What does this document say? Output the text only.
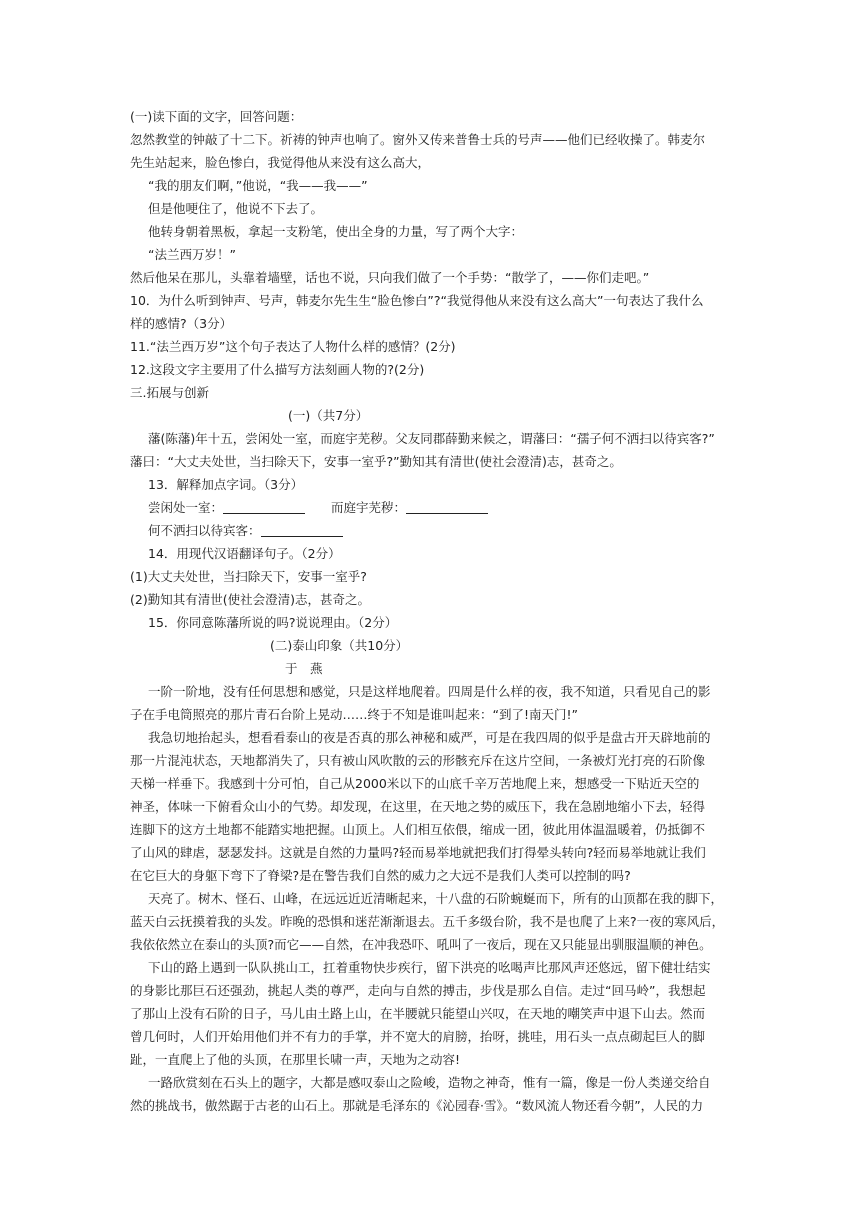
(一)读下面的文字，回答问题：
忽然教堂的钟敲了十二下。祈祷的钟声也响了。窗外又传来普鲁士兵的号声——他们已经收操了。韩麦尔
先生站起来，脸色惨白，我觉得他从来没有这么高大，
“我的朋友们啊，”他说，“我——我——”
但是他哽住了，他说不下去了。
他转身朝着黑板，拿起一支粉笔，使出全身的力量，写了两个大字：
“法兰西万岁！”
然后他呆在那儿，头靠着墙壁，话也不说，只向我们做了一个手势：“散学了，——你们走吧。”
10．为什么听到钟声、号声，韩麦尔先生生“脸色惨白”?“我觉得他从来没有这么高大”一句表达了我什么
样的感情?（3分）
11.“法兰西万岁”这个句子表达了人物什么样的感情？(2分)
12.这段文字主要用了什么描写方法刻画人物的?(2分)
三.拓展与创新
(一)（共7分）
藩(陈藩)年十五，尝闲处一室，而庭宇芜秽。父友同郡薛勤来候之，谓藩曰：“孺子何不洒扫以待宾客?”
藩曰：“大丈夫处世，当扫除天下，安事一室乎?”勤知其有清世(使社会澄清)志，甚奇之。
13．解释加点字词。（3分）
尝闲处一室：	而庭宇芜秽：
何不洒扫以待宾客：
14．用现代汉语翻译句子。（2分）
(1)大丈夫处世，当扫除天下，安事一室乎?
(2)勤知其有清世(使社会澄清)志，甚奇之。
15．你同意陈藩所说的吗?说说理由。（2分）
(二)泰山印象（共10分）
于　燕
一阶一阶地，没有任何思想和感觉，只是这样地爬着。四周是什么样的夜，我不知道，只看见自己的影
子在手电筒照亮的那片青石台阶上晃动……终于不知是谁叫起来：“到了!南天门!”
我急切地抬起头，想看看泰山的夜是否真的那么神秘和威严，可是在我四周的似乎是盘古开天辟地前的
那一片混沌状态，天地都消失了，只有被山风吹散的云的形骸充斥在这片空间，一条被灯光打亮的石阶像
天梯一样垂下。我感到十分可怕，自己从2000米以下的山底千辛万苦地爬上来，想感受一下贴近天空的
神圣，体味一下俯看众山小的气势。却发现，在这里，在天地之势的威压下，我在急剧地缩小下去，轻得
连脚下的这方土地都不能踏实地把握。山顶上。人们相互依偎，缩成一团，彼此用体温温暖着，仍抵御不
了山风的肆虐，瑟瑟发抖。这就是自然的力量吗?轻而易举地就把我们打得晕头转向?轻而易举地就让我们
在它巨大的身躯下弯下了脊梁?是在警告我们自然的威力之大远不是我们人类可以控制的吗?
天亮了。树木、怪石、山峰，在远远近近清晰起来，十八盘的石阶蜿蜒而下，所有的山顶都在我的脚下，
蓝天白云抚摸着我的头发。昨晚的恐惧和迷茫渐渐退去。五千多级台阶，我不是也爬了上来?一夜的寒风后，
我依依然立在泰山的头顶?而它——自然，在冲我恐吓、吼叫了一夜后，现在又只能显出驯服温顺的神色。
下山的路上遇到一队队挑山工，扛着重物快步疾行，留下洪亮的吆喝声比那风声还悠远，留下健壮结实
的身影比那巨石还强劲，挑起人类的尊严，走向与自然的搏击，步伐是那么自信。走过“回马岭”，我想起
了那山上没有石阶的日子，马儿由土路上山，在半腰就只能望山兴叹，在天地的嘲笑声中退下山去。然而
曾几何时，人们开始用他们并不有力的手掌，并不宽大的肩膀，抬呀，挑哇，用石头一点点砌起巨人的脚
趾，一直爬上了他的头顶，在那里长啸一声，天地为之动容!
一路欣赏刻在石头上的题字，大都是感叹泰山之险峻，造物之神奇，惟有一篇，像是一份人类递交给自
然的挑战书，傲然踞于古老的山石上。那就是毛泽东的《沁园春·雪》。“数风流人物还看今朝”，人民的力
